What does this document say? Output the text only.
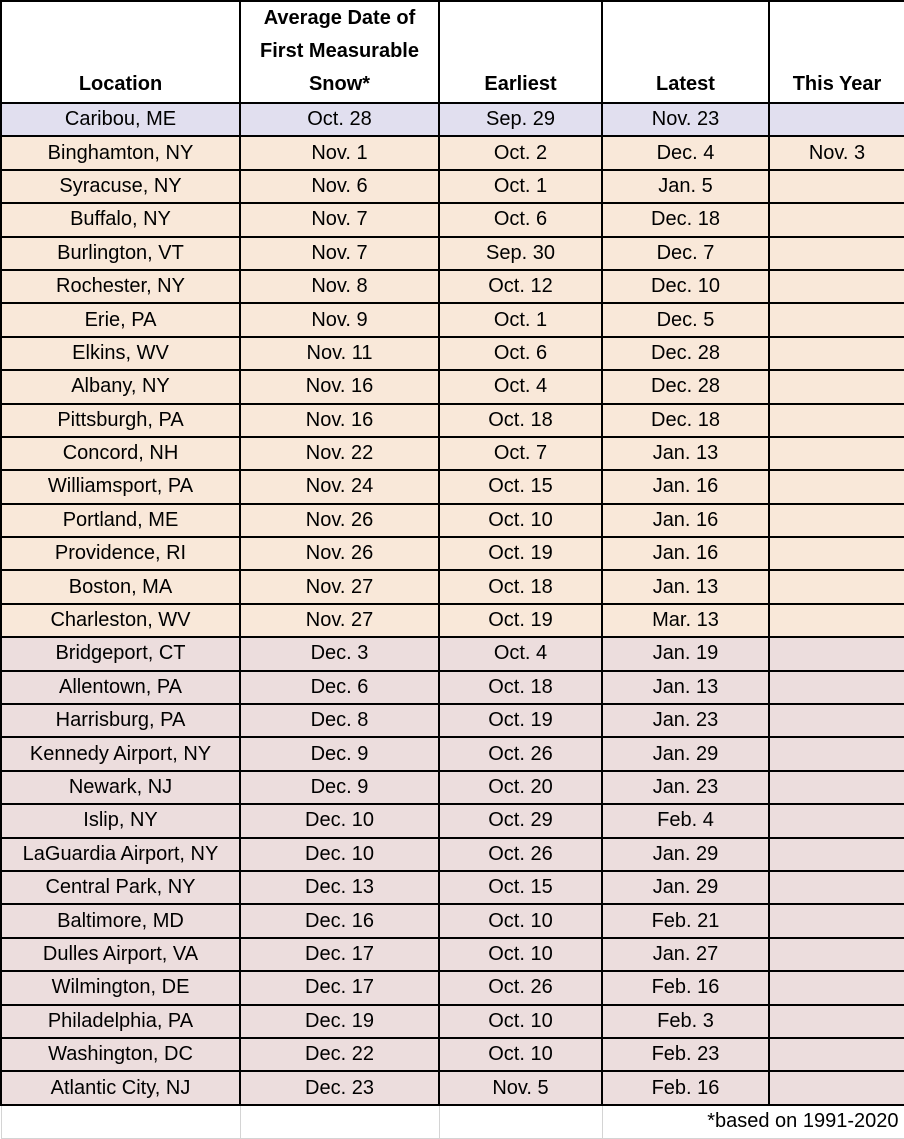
Location	Average Date of
First Measurable
Snow*	Earliest	Latest	This Year
Caribou, ME	Oct. 28	Sep. 29	Nov. 23	
Binghamton, NY	Nov. 1	Oct. 2	Dec. 4	Nov. 3
Syracuse, NY	Nov. 6	Oct. 1	Jan. 5	
Buffalo, NY	Nov. 7	Oct. 6	Dec. 18	
Burlington, VT	Nov. 7	Sep. 30	Dec. 7	
Rochester, NY	Nov. 8	Oct. 12	Dec. 10	
Erie, PA	Nov. 9	Oct. 1	Dec. 5	
Elkins, WV	Nov. 11	Oct. 6	Dec. 28	
Albany, NY	Nov. 16	Oct. 4	Dec. 28	
Pittsburgh, PA	Nov. 16	Oct. 18	Dec. 18	
Concord, NH	Nov. 22	Oct. 7	Jan. 13	
Williamsport, PA	Nov. 24	Oct. 15	Jan. 16	
Portland, ME	Nov. 26	Oct. 10	Jan. 16	
Providence, RI	Nov. 26	Oct. 19	Jan. 16	
Boston, MA	Nov. 27	Oct. 18	Jan. 13	
Charleston, WV	Nov. 27	Oct. 19	Mar. 13	
Bridgeport, CT	Dec. 3	Oct. 4	Jan. 19	
Allentown, PA	Dec. 6	Oct. 18	Jan. 13	
Harrisburg, PA	Dec. 8	Oct. 19	Jan. 23	
Kennedy Airport, NY	Dec. 9	Oct. 26	Jan. 29	
Newark, NJ	Dec. 9	Oct. 20	Jan. 23	
Islip, NY	Dec. 10	Oct. 29	Feb. 4	
LaGuardia Airport, NY	Dec. 10	Oct. 26	Jan. 29	
Central Park, NY	Dec. 13	Oct. 15	Jan. 29	
Baltimore, MD	Dec. 16	Oct. 10	Feb. 21	
Dulles Airport, VA	Dec. 17	Oct. 10	Jan. 27	
Wilmington, DE	Dec. 17	Oct. 26	Feb. 16	
Philadelphia, PA	Dec. 19	Oct. 10	Feb. 3	
Washington, DC	Dec. 22	Oct. 10	Feb. 23	
Atlantic City, NJ	Dec. 23	Nov. 5	Feb. 16	
			*based on 1991-2020	
